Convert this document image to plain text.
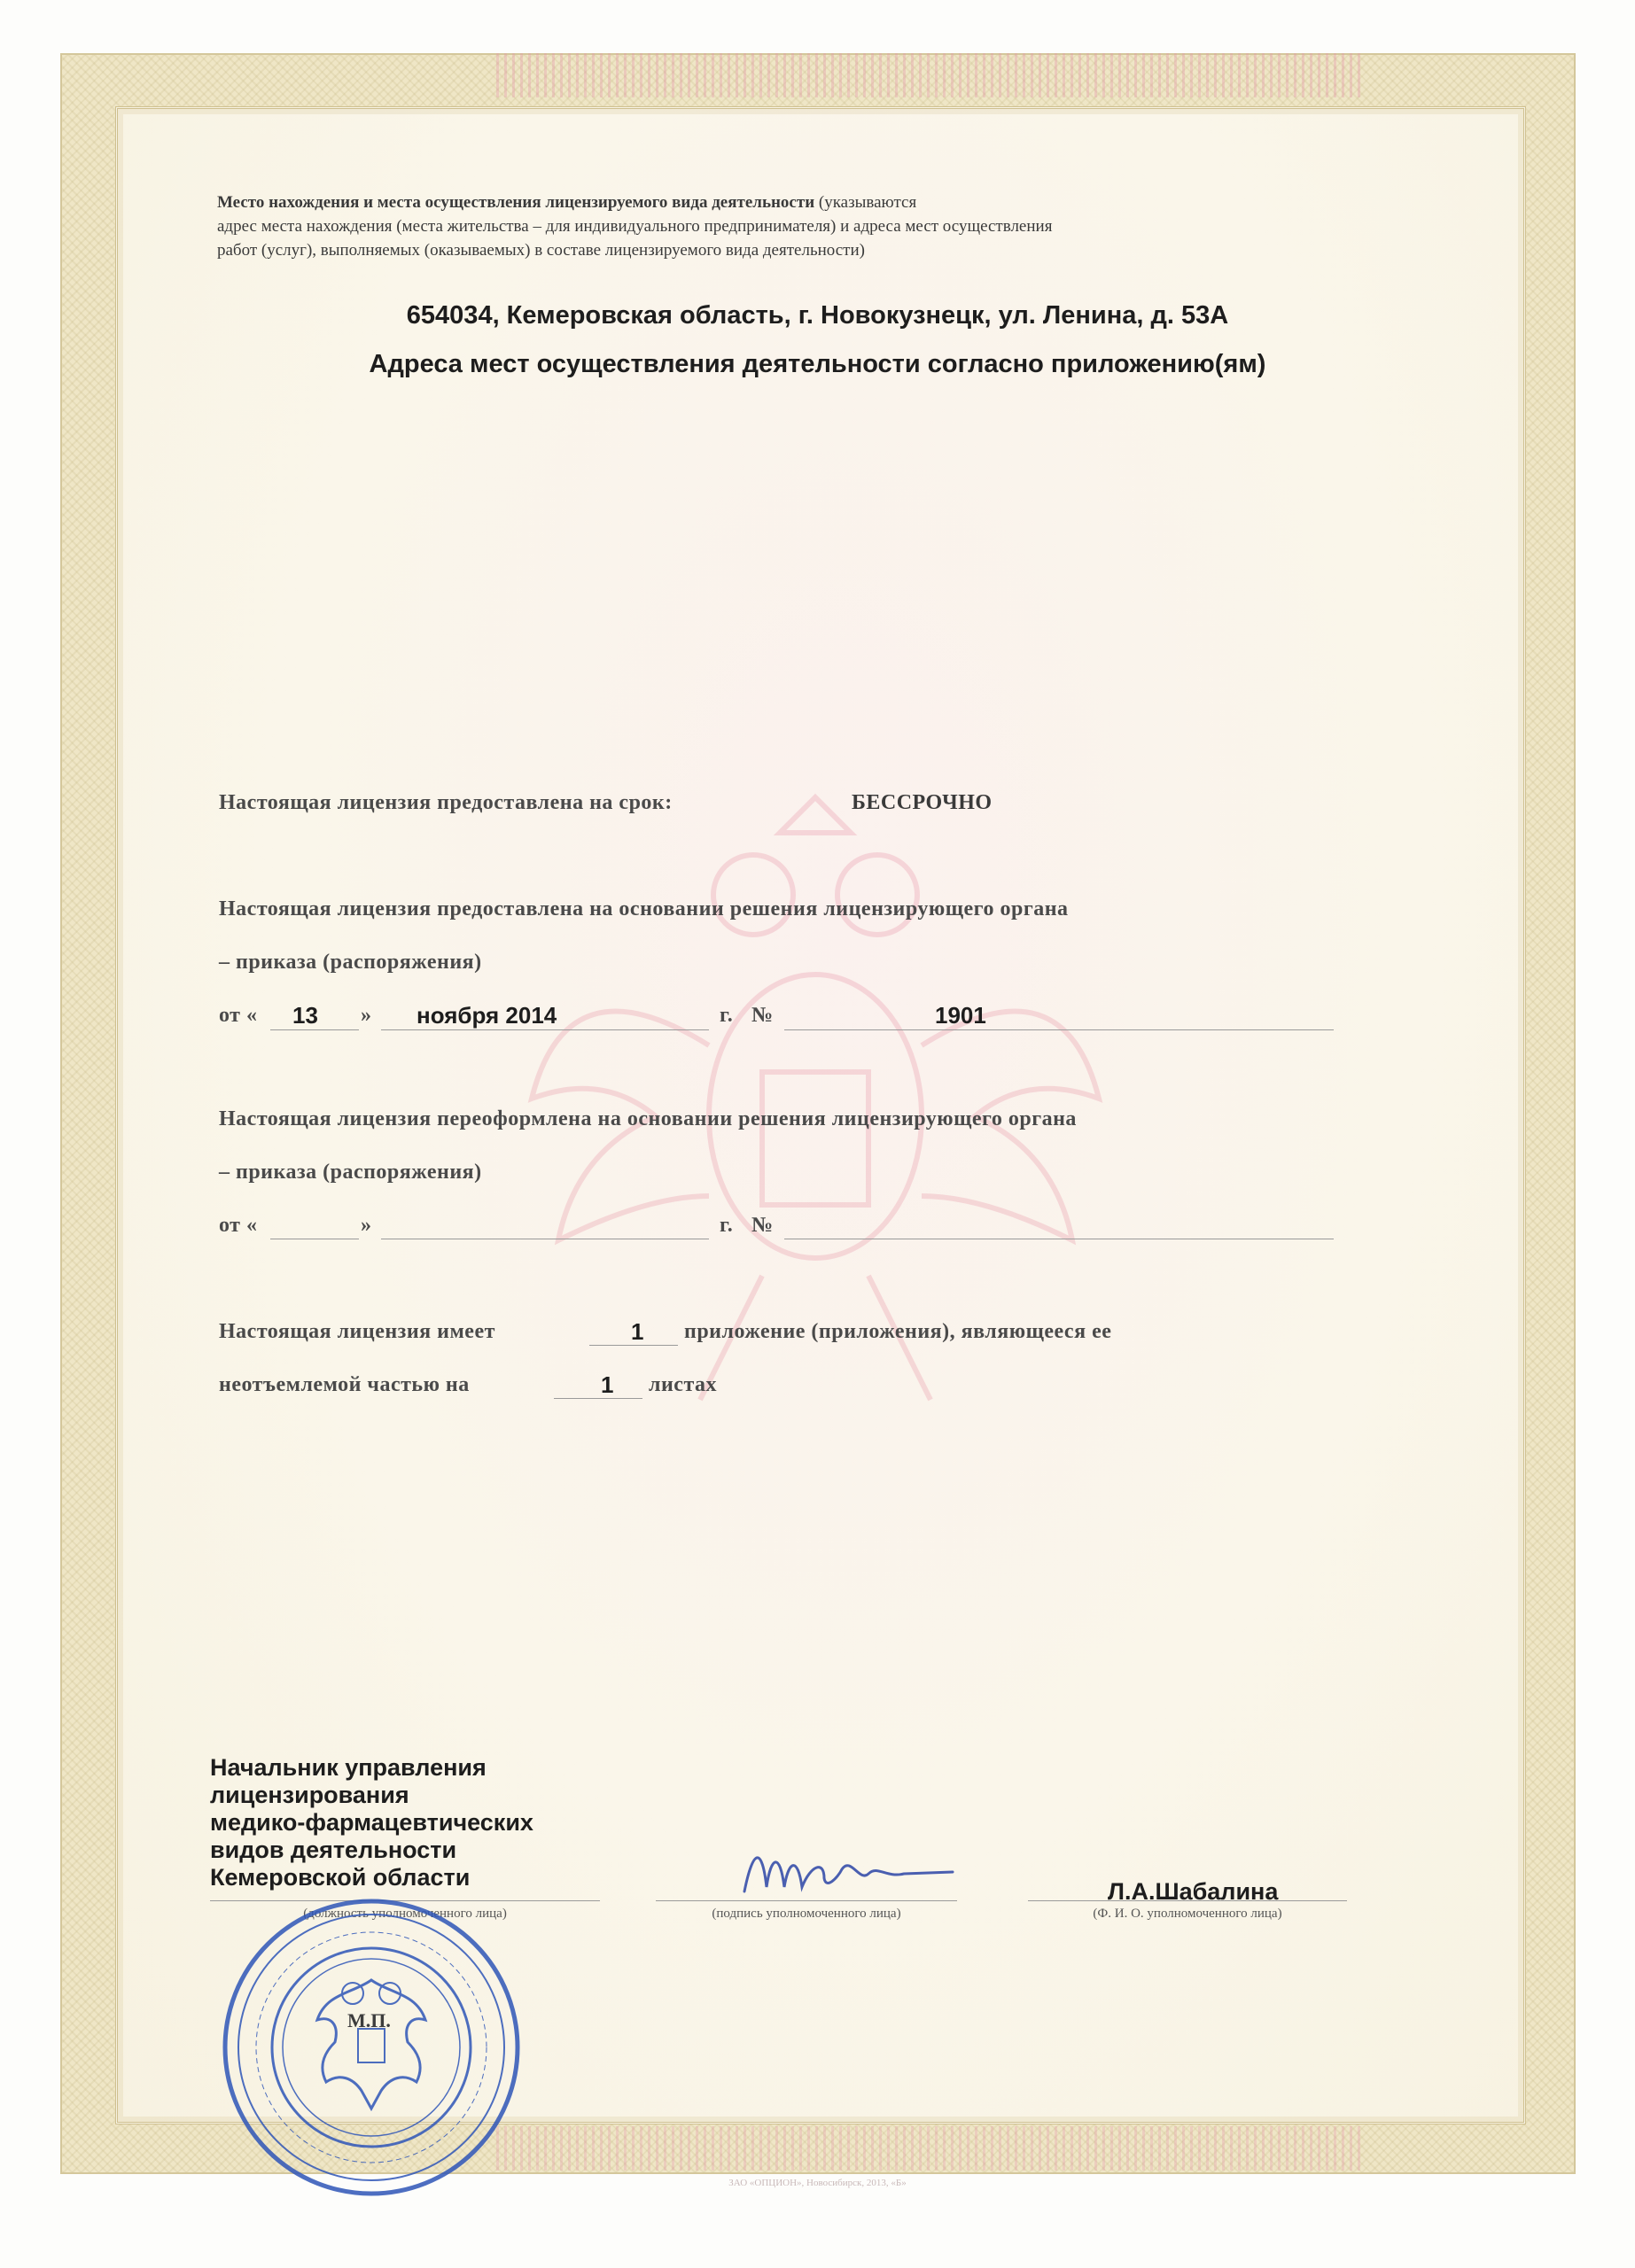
Место нахождения и места осуществления лицензируемого вида деятельности (указываются
адрес места нахождения (места жительства – для индивидуального предпринимателя) и адреса мест осуществления
работ (услуг), выполняемых (оказываемых) в составе лицензируемого вида деятельности)
654034, Кемеровская область, г. Новокузнецк, ул. Ленина, д. 53А
Адреса мест осуществления деятельности согласно приложению(ям)
Настоящая лицензия предоставлена на срок:	БЕССРОЧНО
Настоящая лицензия предоставлена на основании решения лицензирующего органа
– приказа (распоряжения)
от « 13 » ноября 2014	г. №	1901
Настоящая лицензия переоформлена на основании решения лицензирующего органа
– приказа (распоряжения)
от «	»	г. №
Настоящая лицензия имеет	1 приложение (приложения), являющееся ее
неотъемлемой частью на	1 листах
Начальник управления
лицензирования
медико-фармацевтических
видов деятельности
Кемеровской области
(должность уполномоченного лица)	(подпись уполномоченного лица)
Л.А.Шабалина
(Ф. И. О. уполномоченного лица)
М.П.
ЗАО «ОПЦИОН», Новосибирск, 2013, «Б»
